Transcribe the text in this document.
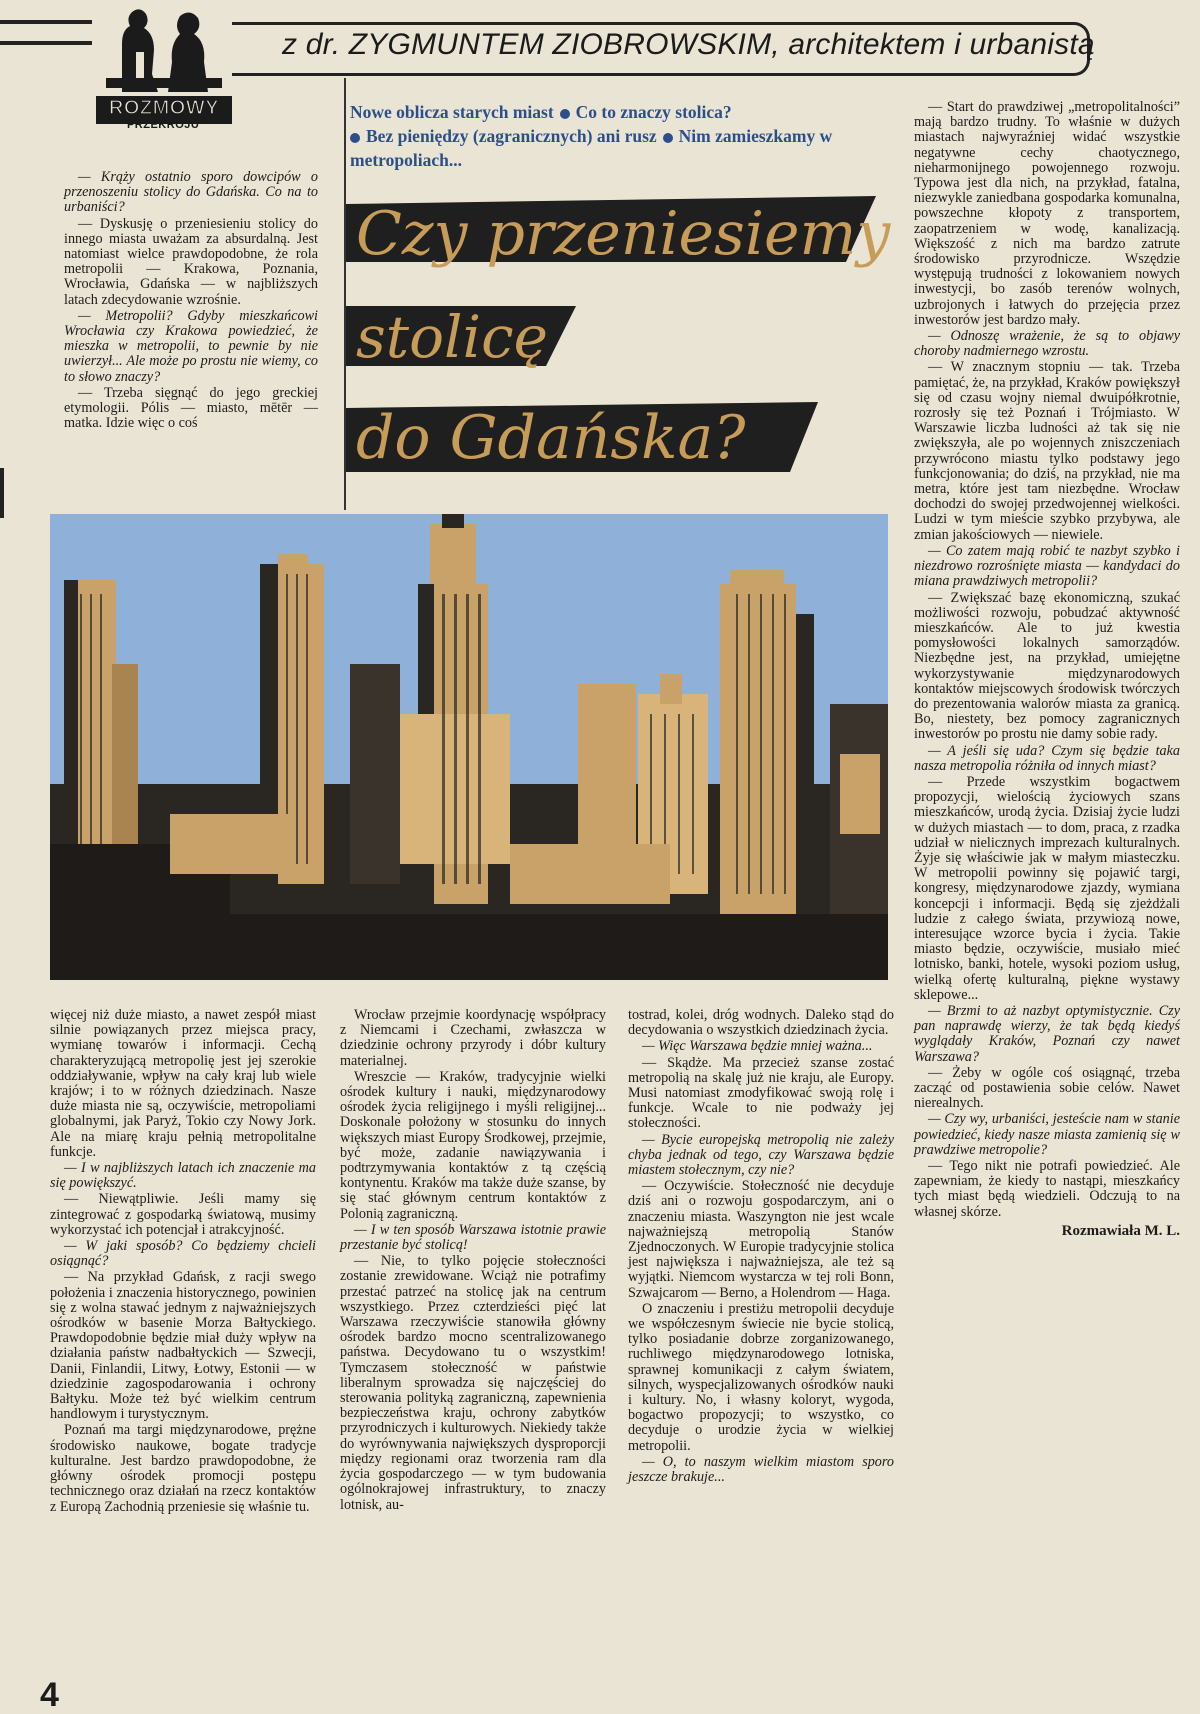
z dr. ZYGMUNTEM ZIOBROWSKIM, architektem i urbanistą
ROZMOWY
PRZEKROJU"
Nowe oblicza starych miast Co to znaczy stolica?
Bez pieniędzy (zagranicznych) ani rusz Nim zamieszkamy w metropoliach...
Czy przeniesiemy
stolicę
do Gdańska?

— Krąży ostatnio sporo dowcipów o przenoszeniu stolicy do Gdańska. Co na to urbaniści?

— Dyskusję o przeniesieniu stolicy do innego miasta uważam za absurdalną. Jest natomiast wielce prawdopodobne, że rola metropolii — Krakowa, Poznania, Wrocławia, Gdańska — w najbliższych latach zdecydowanie wzrośnie.

— Metropolii? Gdyby mieszkańcowi Wrocławia czy Krakowa powiedzieć, że mieszka w metropolii, to pewnie by nie uwierzył... Ale może po prostu nie wiemy, co to słowo znaczy?

— Trzeba sięgnąć do jego greckiej etymologii. Pólis — miasto, mētēr — matka. Idzie więc o coś

— Start do prawdziwej „metropolitalności” mają bardzo trudny. To właśnie w dużych miastach najwyraźniej widać wszystkie negatywne cechy chaotycznego, nieharmonijnego powojennego rozwoju. Typowa jest dla nich, na przykład, fatalna, niezwykle zaniedbana gospodarka komunalna, powszechne kłopoty z transportem, zaopatrzeniem w wodę, kanalizacją. Większość z nich ma bardzo zatrute środowisko przyrodnicze. Wszędzie występują trudności z lokowaniem nowych inwestycji, bo zasób terenów wolnych, uzbrojonych i łatwych do przejęcia przez inwestorów jest bardzo mały.

— Odnoszę wrażenie, że są to objawy choroby nadmiernego wzrostu.

— W znacznym stopniu — tak. Trzeba pamiętać, że, na przykład, Kraków powiększył się od czasu wojny niemal dwuipółkrotnie, rozrosły się też Poznań i Trójmiasto. W Warszawie liczba ludności aż tak się nie zwiększyła, ale po wojennych zniszczeniach przywrócono miastu tylko podstawy jego funkcjonowania; do dziś, na przykład, nie ma metra, które jest tam niezbędne. Wrocław dochodzi do swojej przedwojennej wielkości. Ludzi w tym mieście szybko przybywa, ale zmian jakościowych — niewiele.

— Co zatem mają robić te nazbyt szybko i niezdrowo rozrośnięte miasta — kandydaci do miana prawdziwych metropolii?

— Zwiększać bazę ekonomiczną, szukać możliwości rozwoju, pobudzać aktywność mieszkańców. Ale to już kwestia pomysłowości lokalnych samorządów. Niezbędne jest, na przykład, umiejętne wykorzystywanie międzynarodowych kontaktów miejscowych środowisk twórczych do prezentowania walorów miasta za granicą. Bo, niestety, bez pomocy zagranicznych inwestorów po prostu nie damy sobie rady.

— A jeśli się uda? Czym się będzie taka nasza metropolia różniła od innych miast?

— Przede wszystkim bogactwem propozycji, wielością życiowych szans mieszkańców, urodą życia. Dzisiaj życie ludzi w dużych miastach — to dom, praca, z rzadka udział w nielicznych imprezach kulturalnych. Żyje się właściwie jak w małym miasteczku. W metropolii powinny się pojawić targi, kongresy, międzynarodowe zjazdy, wymiana koncepcji i informacji. Będą się zjeżdżali ludzie z całego świata, przywiozą nowe, interesujące wzorce bycia i życia. Takie miasto będzie, oczywiście, musiało mieć lotnisko, banki, hotele, wysoki poziom usług, wielką ofertę kulturalną, piękne wystawy sklepowe...

— Brzmi to aż nazbyt optymistycznie. Czy pan naprawdę wierzy, że tak będą kiedyś wyglądały Kraków, Poznań czy nawet Warszawa?

— Żeby w ogóle coś osiągnąć, trzeba zacząć od postawienia sobie celów. Nawet nierealnych.

— Czy wy, urbaniści, jesteście nam w stanie powiedzieć, kiedy nasze miasta zamienią się w prawdziwe metropolie?

— Tego nikt nie potrafi powiedzieć. Ale zapewniam, że kiedy to nastąpi, mieszkańcy tych miast będą wiedzieli. Odczują to na własnej skórze.

Rozmawiała M. L.

więcej niż duże miasto, a nawet zespół miast silnie powiązanych przez miejsca pracy, wymianę towarów i informacji. Cechą charakteryzującą metropolię jest jej szerokie oddziaływanie, wpływ na cały kraj lub wiele krajów; i to w różnych dziedzinach. Nasze duże miasta nie są, oczywiście, metropoliami globalnymi, jak Paryż, Tokio czy Nowy Jork. Ale na miarę kraju pełnią metropolitalne funkcje.

— I w najbliższych latach ich znaczenie ma się powiększyć.

— Niewątpliwie. Jeśli mamy się zintegrować z gospodarką światową, musimy wykorzystać ich potencjał i atrakcyjność.

— W jaki sposób? Co będziemy chcieli osiągnąć?

— Na przykład Gdańsk, z racji swego położenia i znaczenia historycznego, powinien się z wolna stawać jednym z najważniejszych ośrodków w basenie Morza Bałtyckiego. Prawdopodobnie będzie miał duży wpływ na działania państw nadbałtyckich — Szwecji, Danii, Finlandii, Litwy, Łotwy, Estonii — w dziedzinie zagospodarowania i ochrony Bałtyku. Może też być wielkim centrum handlowym i turystycznym.

Poznań ma targi międzynarodowe, prężne środowisko naukowe, bogate tradycje kulturalne. Jest bardzo prawdopodobne, że główny ośrodek promocji postępu technicznego oraz działań na rzecz kontaktów z Europą Zachodnią przeniesie się właśnie tu.

Wrocław przejmie koordynację współpracy z Niemcami i Czechami, zwłaszcza w dziedzinie ochrony przyrody i dóbr kultury materialnej.

Wreszcie — Kraków, tradycyjnie wielki ośrodek kultury i nauki, międzynarodowy ośrodek życia religijnego i myśli religijnej... Doskonale położony w stosunku do innych większych miast Europy Środkowej, przejmie, być może, zadanie nawiązywania i podtrzymywania kontaktów z tą częścią kontynentu. Kraków ma także duże szanse, by się stać głównym centrum kontaktów z Polonią zagraniczną.

— I w ten sposób Warszawa istotnie prawie przestanie być stolicą!

— Nie, to tylko pojęcie stołeczności zostanie zrewidowane. Wciąż nie potrafimy przestać patrzeć na stolicę jak na centrum wszystkiego. Przez czterdzieści pięć lat Warszawa rzeczywiście stanowiła główny ośrodek bardzo mocno scentralizowanego państwa. Decydowano tu o wszystkim! Tymczasem stołeczność w państwie liberalnym sprowadza się najczęściej do sterowania polityką zagraniczną, zapewnienia bezpieczeństwa kraju, ochrony zabytków przyrodniczych i kulturowych. Niekiedy także do wyrównywania największych dysproporcji między regionami oraz tworzenia ram dla życia gospodarczego — w tym budowania ogólnokrajowej infrastruktury, to znaczy lotnisk, au-

tostrad, kolei, dróg wodnych. Daleko stąd do decydowania o wszystkich dziedzinach życia.

— Więc Warszawa będzie mniej ważna...

— Skądże. Ma przecież szanse zostać metropolią na skalę już nie kraju, ale Europy. Musi natomiast zmodyfikować swoją rolę i funkcje. Wcale to nie podważy jej stołeczności.

— Bycie europejską metropolią nie zależy chyba jednak od tego, czy Warszawa będzie miastem stołecznym, czy nie?

— Oczywiście. Stołeczność nie decyduje dziś ani o rozwoju gospodarczym, ani o znaczeniu miasta. Waszyngton nie jest wcale najważniejszą metropolią Stanów Zjednoczonych. W Europie tradycyjnie stolica jest największa i najważniejsza, ale też są wyjątki. Niemcom wystarcza w tej roli Bonn, Szwajcarom — Berno, a Holendrom — Haga.

O znaczeniu i prestiżu metropolii decyduje we współczesnym świecie nie bycie stolicą, tylko posiadanie dobrze zorganizowanego, ruchliwego międzynarodowego lotniska, sprawnej komunikacji z całym światem, silnych, wyspecjalizowanych ośrodków nauki i kultury. No, i własny koloryt, wygoda, bogactwo propozycji; to wszystko, co decyduje o urodzie życia w wielkiej metropolii.

— O, to naszym wielkim miastom sporo jeszcze brakuje...

4
